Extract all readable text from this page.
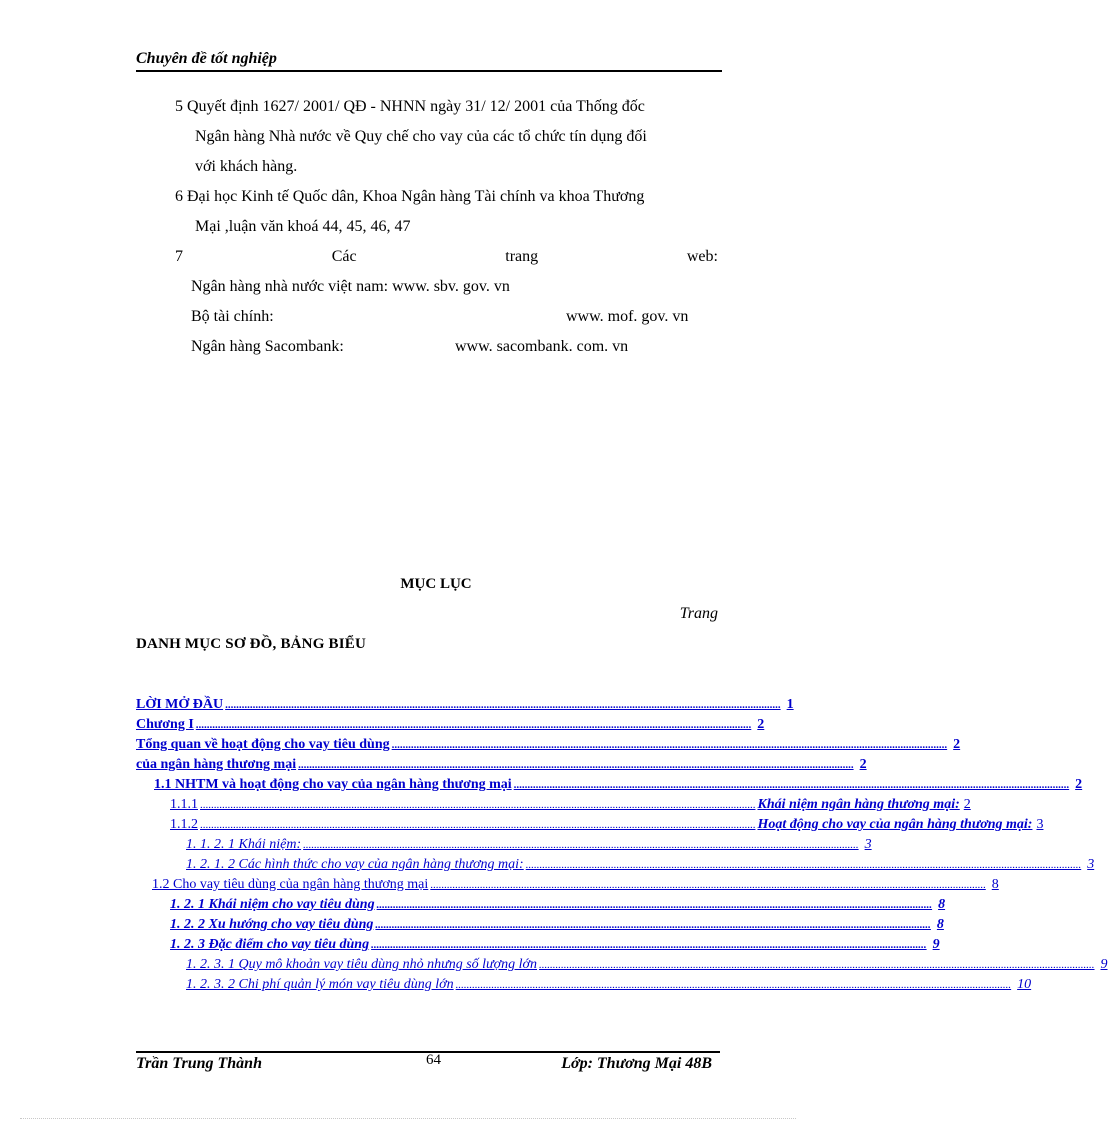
Chuyên đề tốt nghiệp
5 Quyết định 1627/ 2001/ QĐ - NHNN ngày 31/ 12/ 2001 của Thống đốc
Ngân hàng Nhà nước về Quy chế cho vay của các tổ chức tín dụng đối
với khách hàng.
6 Đại học Kinh tế Quốc dân, Khoa Ngân hàng Tài chính va khoa Thương
Mại ,luận văn khoá 44, 45, 46, 47
7	Các	trang	web:
Ngân hàng nhà nước việt nam: www. sbv. gov. vn
Bộ tài chính:	www. mof. gov. vn
Ngân hàng Sacombank:	www. sacombank. com. vn
MỤC LỤC
Trang
DANH MỤC SƠ ĐỒ, BẢNG BIỂU
LỜI MỞ ĐẦU .......................................................................................................................................................................................................... 1
Chương I .......................................................................................................................................................................................................... 2
Tổng quan về hoạt động cho vay tiêu dùng .......................................................................................................................................................................................................... 2
của ngân hàng thương mại .......................................................................................................................................................................................................... 2
1.1 NHTM và hoạt động cho vay của ngân hàng thương mại .......................................................................................................................................................................................................... 2
1.1.1 .......................................................................................................................................................................................................... Khái niệm ngân hàng thương mại: 2
1.1.2 .......................................................................................................................................................................................................... Hoạt động cho vay của ngân hàng thương mại: 3
1. 1. 2. 1 Khái niệm: .......................................................................................................................................................................................................... 3
1. 2. 1. 2 Các hình thức cho vay của ngân hàng thương mại: .......................................................................................................................................................................................................... 3
1.2 Cho vay tiêu dùng của ngân hàng thương mại .......................................................................................................................................................................................................... 8
1. 2. 1 Khái niệm cho vay tiêu dùng .......................................................................................................................................................................................................... 8
1. 2. 2 Xu hướng cho vay tiêu dùng .......................................................................................................................................................................................................... 8
1. 2. 3 Đặc điểm cho vay tiêu dùng .......................................................................................................................................................................................................... 9
1. 2. 3. 1 Quy mô khoản vay tiêu dùng nhỏ nhưng số lượng lớn .......................................................................................................................................................................................................... 9
1. 2. 3. 2 Chi phí quản lý món vay tiêu dùng lớn .......................................................................................................................................................................................................... 10
Trần Trung Thành	64	Lớp: Thương Mại 48B
